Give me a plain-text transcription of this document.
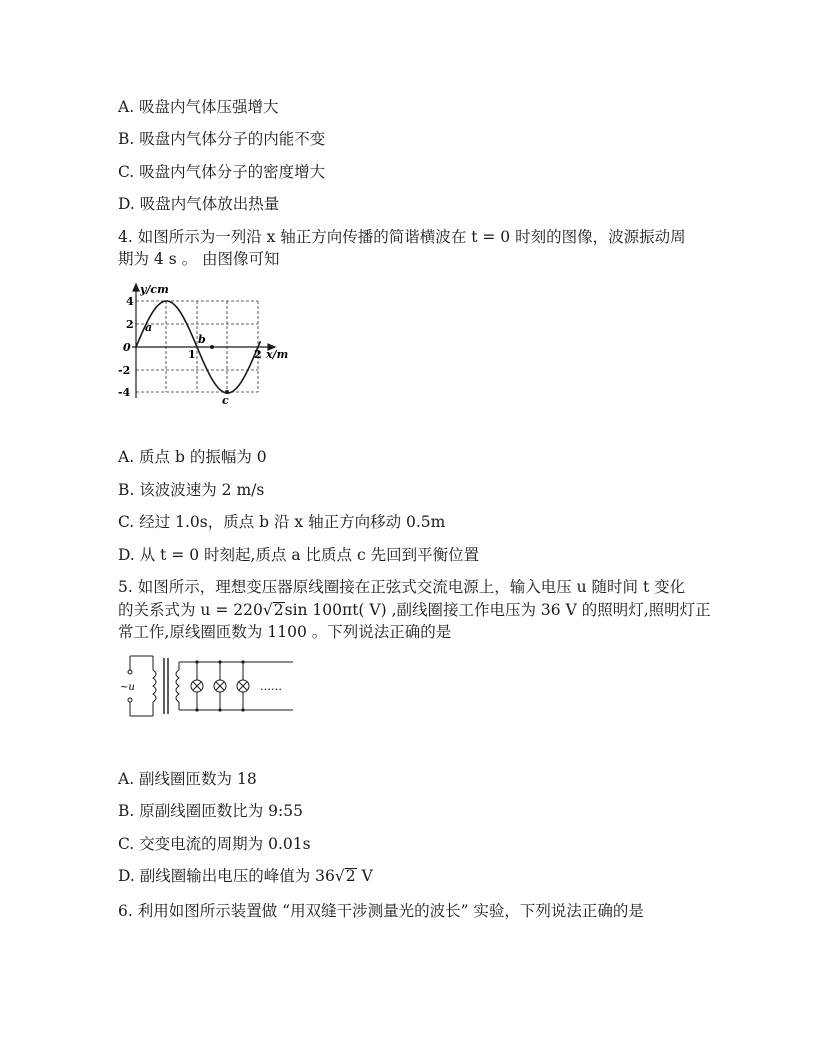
A. 吸盘内气体压强增大
B. 吸盘内气体分子的内能不变
C. 吸盘内气体分子的密度增大
D. 吸盘内气体放出热量
4. 如图所示为一列沿 x 轴正方向传播的简谐横波在 t = 0 时刻的图像，波源振动周
期为 4 s 。 由图像可知
y/cm
x/m
4
2
0
-2
-4
1	2
a
b
c
A. 质点 b 的振幅为 0
B. 该波波速为 2 m/s
C. 经过 1.0s，质点 b 沿 x 轴正方向移动 0.5m
D. 从 t = 0 时刻起,质点 a 比质点 c 先回到平衡位置
5. 如图所示，理想变压器原线圈接在正弦式交流电源上，输入电压 u 随时间 t 变化
的关系式为 u = 220√2sin 100πt( V) ,副线圈接工作电压为 36 V 的照明灯,照明灯正
常工作,原线圈匝数为 1100 。下列说法正确的是
~u	……
A. 副线圈匝数为 18
B. 原副线圈匝数比为 9:55
C. 交变电流的周期为 0.01s
D. 副线圈输出电压的峰值为 36√2 V
6. 利用如图所示装置做 “用双缝干涉测量光的波长” 实验，下列说法正确的是
